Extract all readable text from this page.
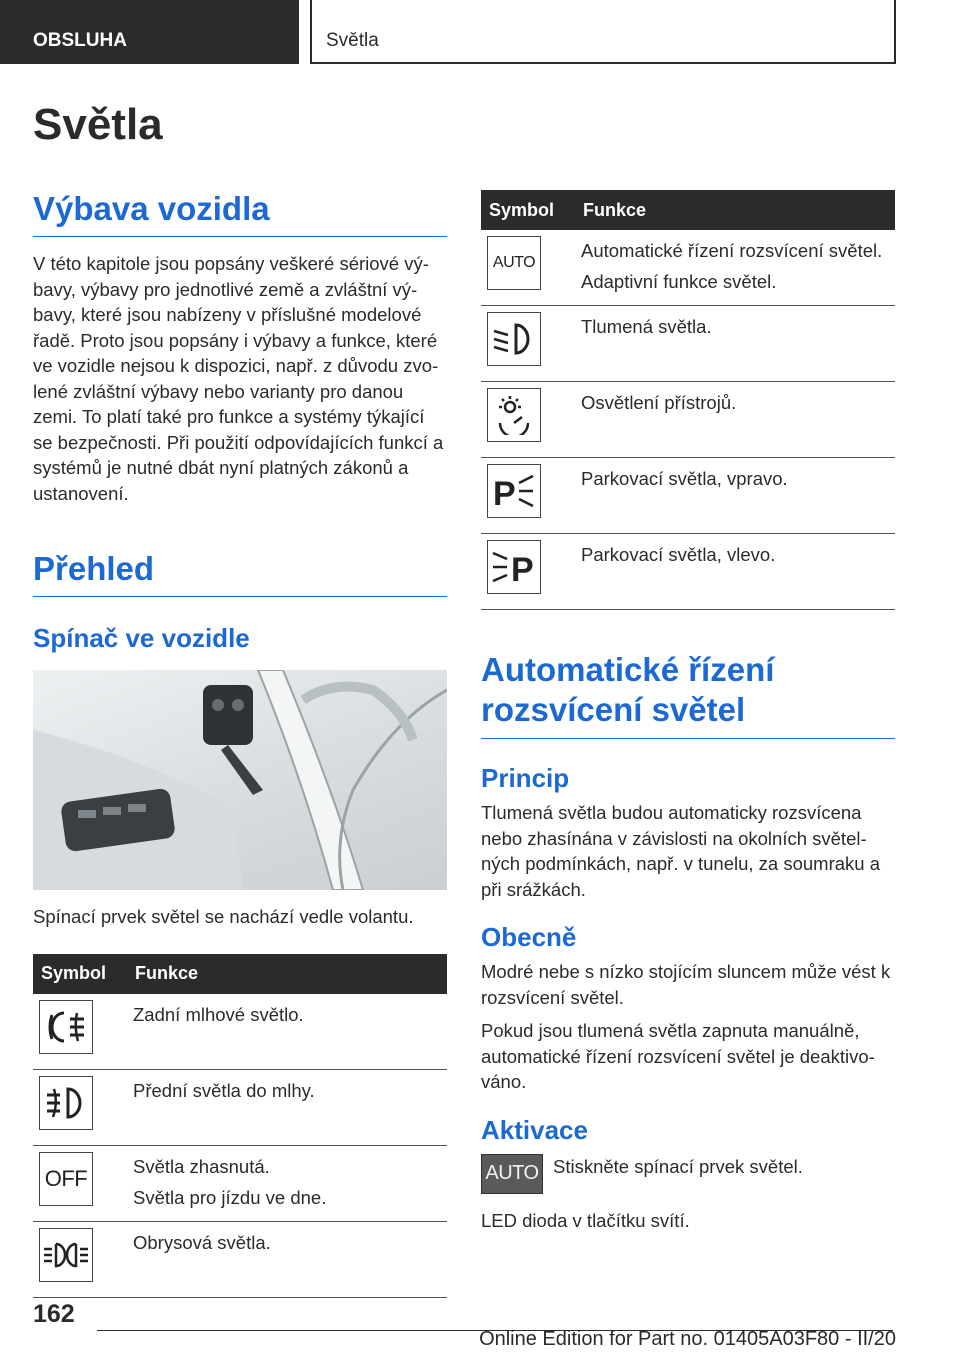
OBSLUHA	Světla
Světla
Výbava vozidla

V této kapitole jsou popsány veškeré sériové vý-bavy, výbavy pro jednotlivé země a zvláštní vý-bavy, které jsou nabízeny v příslušné modelové řadě. Proto jsou popsány i výbavy a funkce, které ve vozidle nejsou k dispozici, např. z důvodu zvo-lené zvláštní výbavy nebo varianty pro danou zemi. To platí také pro funkce a systémy týkající se bezpečnosti. Při použití odpovídajících funkcí a systémů je nutné dbát nyní platných zákonů a ustanovení.

Přehled
Spínač ve vozidle

Spínací prvek světel se nachází vedle volantu.

Symbol	Funkce

Zadní mlhové světlo.

Přední světla do mlhy.

OFF	Světla zhasnutá.
Světla pro jízdu ve dne.

Obrysová světla.
Symbol	Funkce

AUTO	Automatické řízení rozsvícení světel.
Adaptivní funkce světel.

Tlumená světla.

Osvětlení přístrojů.

P	Parkovací světla, vpravo.

P	Parkovací světla, vlevo.
Automatické řízení
rozsvícení světel
Princip

Tlumená světla budou automaticky rozsvícena nebo zhasínána v závislosti na okolních světel-ných podmínkách, např. v tunelu, za soumraku a při srážkách.

Obecně

Modré nebe s nízko stojícím sluncem může vést k rozsvícení světel.

Pokud jsou tlumená světla zapnuta manuálně, automatické řízení rozsvícení světel je deaktivo-váno.

Aktivace
AUTO Stiskněte spínací prvek světel.

LED dioda v tlačítku svítí.

162
Online Edition for Part no. 01405A03F80 - II/20
